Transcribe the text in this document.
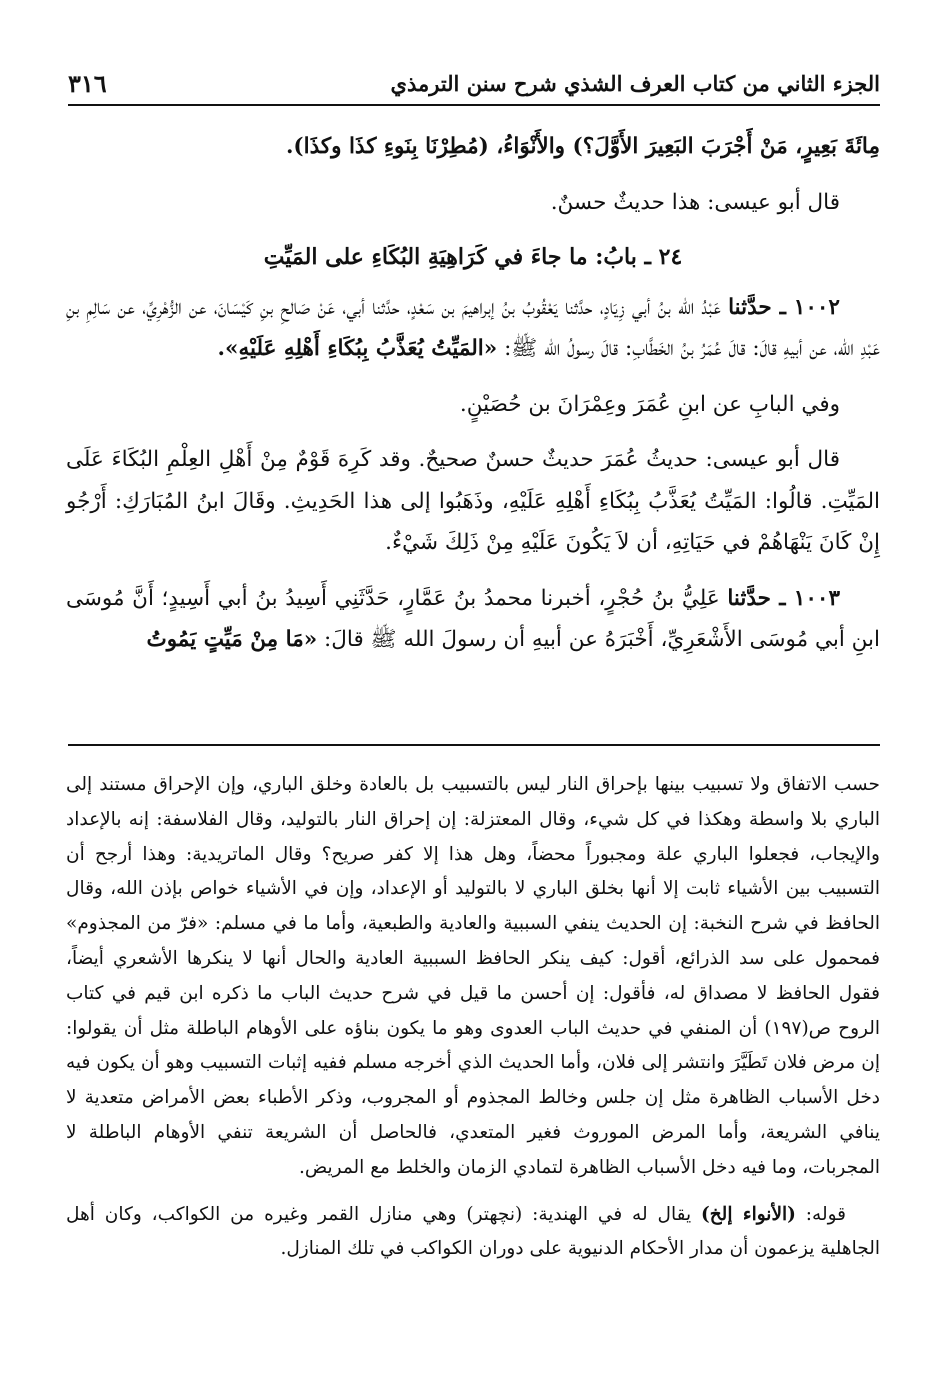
الجزء الثاني من كتاب العرف الشذي شرح سنن الترمذي
٣١٦

مِائَةَ بَعِيرٍ، مَنْ أَجْرَبَ البَعِيرَ الأَوَّلَ؟) والأَنْوَاءُ، (مُطِرْنَا بِنَوءِ كذَا وكذَا).

قال أبو عيسى: هذا حديثٌ حسنٌ.

٢٤ ـ بابُ: ما جاءَ في كَرَاهِيَةِ البُكَاءِ على المَيِّتِ

١٠٠٢ ـ حدَّثنا عَبْدُ الله بنُ أبي زِيَادٍ، حدَّثنا يَعْقُوبُ بنُ إبراهيمَ بن سَعْدٍ، حدَّثنا أبي، عَنْ صَالحِ بنِ كَيْسَانَ، عن الزُّهْرِيِّ، عن سَالِمِ بنِ عَبْدِ الله، عن أبيهِ قالَ: قالَ عُمَرُ بنُ الخَطَّابِ: قالَ رسولُ الله ﷺ: «المَيِّتُ يُعَذَّبُ بِبُكَاءِ أَهْلِهِ عَلَيْهِ».

وفي البابِ عن ابنِ عُمَرَ وعِمْرَانَ بن حُصَيْنٍ.

قال أبو عيسى: حديثُ عُمَرَ حديثٌ حسنٌ صحيحٌ. وقد كَرِهَ قَوْمٌ مِنْ أَهْلِ العِلْمِ البُكَاءَ عَلَى المَيِّتِ. قالُوا: المَيِّتُ يُعَذَّبُ بِبُكَاءِ أَهْلِهِ عَلَيْهِ، وذَهَبُوا إلى هذا الحَدِيثِ. وقَالَ ابنُ المُبَارَكِ: أَرْجُو إِنْ كَانَ يَنْهَاهُمْ في حَيَاتِهِ، أن لاَ يَكُونَ عَلَيْهِ مِنْ ذَلِكَ شَيْءٌ.

١٠٠٣ ـ حدَّثنا عَلِيُّ بنُ حُجْرٍ، أخبرنا محمدُ بنُ عَمَّارٍ، حَدَّثَنِي أَسِيدُ بنُ أبي أَسِيدٍ؛ أَنَّ مُوسَى ابنِ أبي مُوسَى الأَشْعَرِيِّ، أَخْبَرَهُ عن أبيهِ أن رسولَ الله ﷺ قالَ: «مَا مِنْ مَيِّتٍ يَمُوتُ

حسب الاتفاق ولا تسبيب بينها بإحراق النار ليس بالتسبيب بل بالعادة وخلق الباري، وإن الإحراق مستند إلى الباري بلا واسطة وهكذا في كل شيء، وقال المعتزلة: إن إحراق النار بالتوليد، وقال الفلاسفة: إنه بالإعداد والإيجاب، فجعلوا الباري علة ومجبوراً محضاً، وهل هذا إلا كفر صريح؟ وقال الماتريدية: وهذا أرجح أن التسبيب بين الأشياء ثابت إلا أنها بخلق الباري لا بالتوليد أو الإعداد، وإن في الأشياء خواص بإذن الله، وقال الحافظ في شرح النخبة: إن الحديث ينفي السببية والعادية والطبعية، وأما ما في مسلم: «فرّ من المجذوم» فمحمول على سد الذرائع، أقول: كيف ينكر الحافظ السببية العادية والحال أنها لا ينكرها الأشعري أيضاً، فقول الحافظ لا مصداق له، فأقول: إن أحسن ما قيل في شرح حديث الباب ما ذكره ابن قيم في كتاب الروح ص(١٩٧) أن المنفي في حديث الباب العدوى وهو ما يكون بناؤه على الأوهام الباطلة مثل أن يقولوا: إن مرض فلان تَطَيَّرَ وانتشر إلى فلان، وأما الحديث الذي أخرجه مسلم ففيه إثبات التسبيب وهو أن يكون فيه دخل الأسباب الظاهرة مثل إن جلس وخالط المجذوم أو المجروب، وذكر الأطباء بعض الأمراض متعدية لا ينافي الشريعة، وأما المرض الموروث فغير المتعدي، فالحاصل أن الشريعة تنفي الأوهام الباطلة لا المجربات، وما فيه دخل الأسباب الظاهرة لتمادي الزمان والخلط مع المريض.

قوله: (الأنواء إلخ) يقال له في الهندية: (نچهتر) وهي منازل القمر وغيره من الكواكب، وكان أهل الجاهلية يزعمون أن مدار الأحكام الدنيوية على دوران الكواكب في تلك المنازل.
